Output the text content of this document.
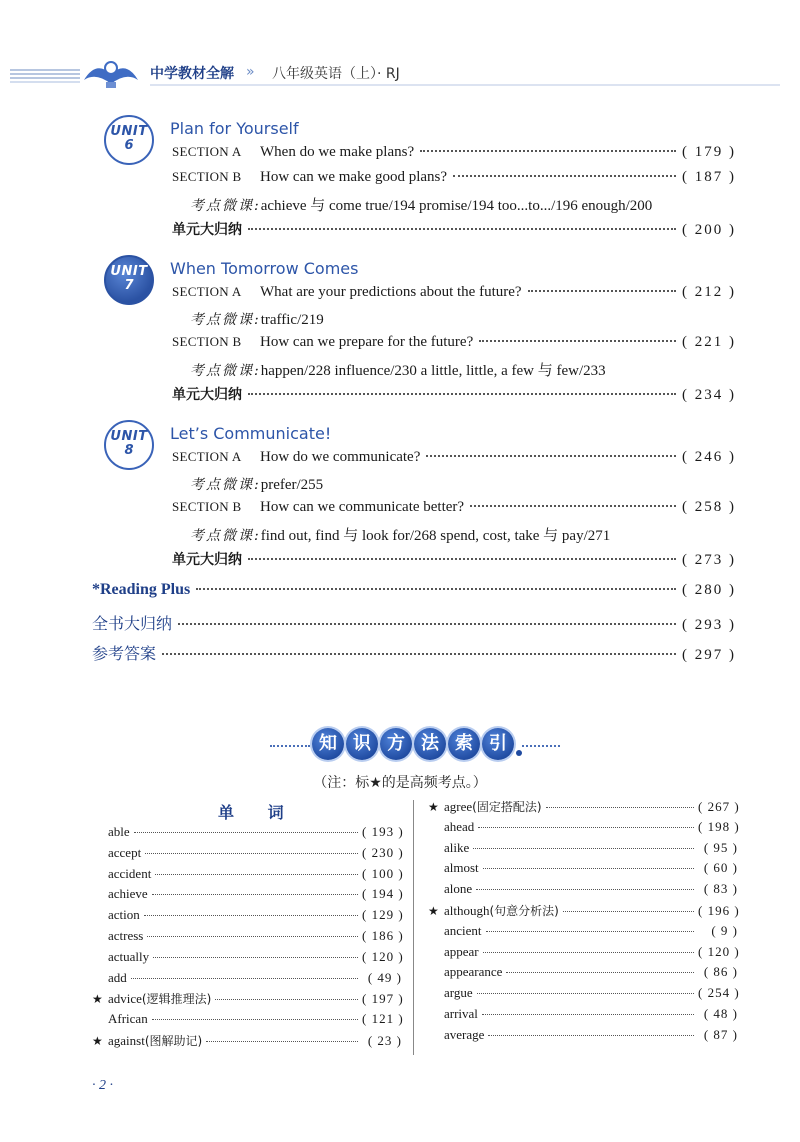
中学教材全解 » 八年级英语（上）· RJ
UNIT
6
Plan for Yourself
SECTION A	When do we make plans?	( 179 )
SECTION B	How can we make good plans?	( 187 )
考点微课:achieve 与 come true/194 promise/194 too...to.../196 enough/200
单元大归纳	( 200 )
UNIT
7
When Tomorrow Comes
SECTION A	What are your predictions about the future?	( 212 )
考点微课:traffic/219
SECTION B	How can we prepare for the future?	( 221 )
考点微课:happen/228 influence/230 a little, little, a few 与 few/233
单元大归纳	( 234 )
UNIT
8
Let’s Communicate!
SECTION A	How do we communicate?	( 246 )
考点微课:prefer/255
SECTION B	How can we communicate better?	( 258 )
考点微课:find out, find 与 look for/268 spend, cost, take 与 pay/271
单元大归纳	( 273 )
*Reading Plus	( 280 )
全书大归纳	( 293 )
参考答案	( 297 )
知 识 方 法 索 引
（注：标★的是高频考点。）
单 词
able	( 193 )
accept	( 230 )
accident	( 100 )
achieve	( 194 )
action	( 129 )
actress	( 186 )
actually	( 120 )
add	( 49 )
★ advice (逻辑推理法)	( 197 )
African	( 121 )
★ against (图解助记)	( 23 )
★ agree (固定搭配法)	( 267 )
ahead	( 198 )
alike	( 95 )
almost	( 60 )
alone	( 83 )
★ although (句意分析法)	( 196 )
ancient	( 9 )
appear	( 120 )
appearance	( 86 )
argue	( 254 )
arrival	( 48 )
average	( 87 )
· 2 ·
